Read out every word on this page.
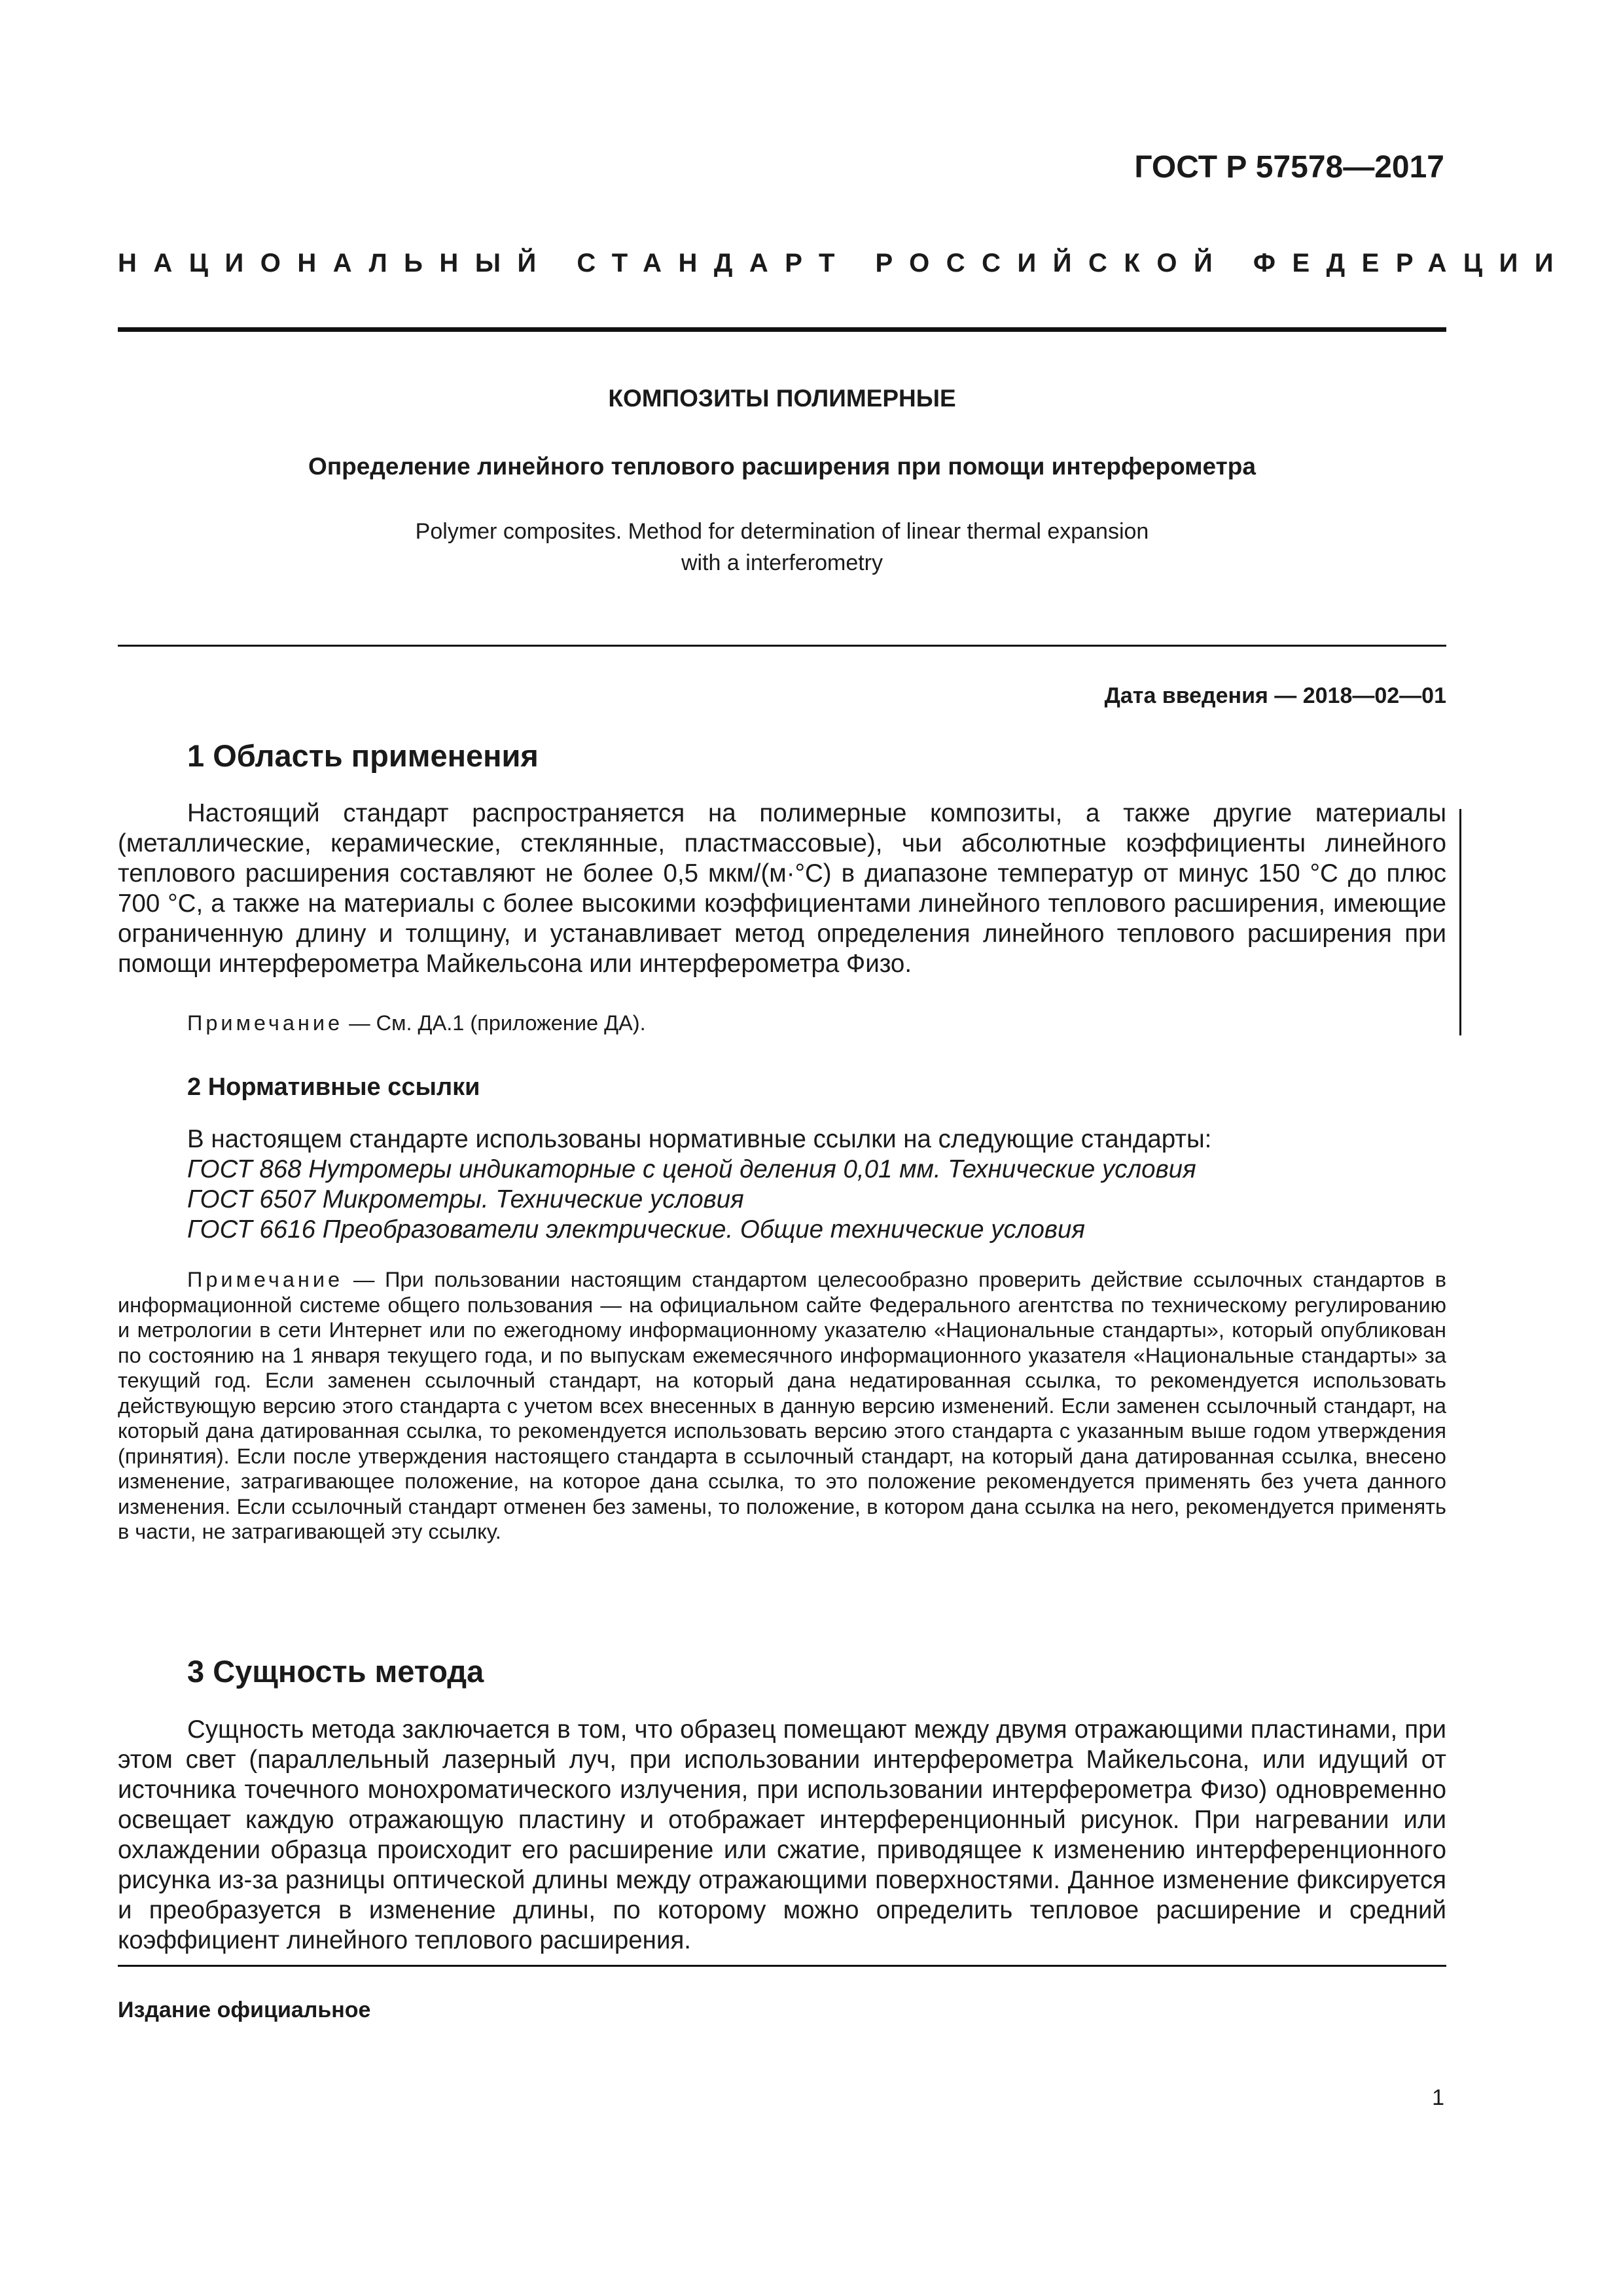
ГОСТ Р 57578—2017

НАЦИОНАЛЬНЫЙ СТАНДАРТ РОССИЙСКОЙ ФЕДЕРАЦИИ

КОМПОЗИТЫ ПОЛИМЕРНЫЕ

Определение линейного теплового расширения при помощи интерферометра

Polymer composites. Method for determination of linear thermal expansion
with a interferometry

Дата введения — 2018—02—01

1 Область применения

Настоящий стандарт распространяется на полимерные композиты, а также другие материалы (металлические, керамические, стеклянные, пластмассовые), чьи абсолютные коэффициенты линейного теплового расширения составляют не более 0,5 мкм/(м·°С) в диапазоне температур от минус 150 °С до плюс 700 °С, а также на материалы с более высокими коэффициентами линейного теплового расширения, имеющие ограниченную длину и толщину, и устанавливает метод определения линейного теплового расширения при помощи интерферометра Майкельсона или интерферометра Физо.

Примечание — См. ДА.1 (приложение ДА).

2 Нормативные ссылки
В настоящем стандарте использованы нормативные ссылки на следующие стандарты:
ГОСТ 868 Нутромеры индикаторные с ценой деления 0,01 мм. Технические условия
ГОСТ 6507 Микрометры. Технические условия
ГОСТ 6616 Преобразователи электрические. Общие технические условия

Примечание — При пользовании настоящим стандартом целесообразно проверить действие ссылочных стандартов в информационной системе общего пользования — на официальном сайте Федерального агентства по техническому регулированию и метрологии в сети Интернет или по ежегодному информационному указателю «Национальные стандарты», который опубликован по состоянию на 1 января текущего года, и по выпускам ежемесячного информационного указателя «Национальные стандарты» за текущий год. Если заменен ссылочный стандарт, на который дана недатированная ссылка, то рекомендуется использовать действующую версию этого стандарта с учетом всех внесенных в данную версию изменений. Если заменен ссылочный стандарт, на который дана датированная ссылка, то рекомендуется использовать версию этого стандарта с указанным выше годом утверждения (принятия). Если после утверждения настоящего стандарта в ссылочный стандарт, на который дана датированная ссылка, внесено изменение, затрагивающее положение, на которое дана ссылка, то это положение рекомендуется применять без учета данного изменения. Если ссылочный стандарт отменен без замены, то положение, в котором дана ссылка на него, рекомендуется применять в части, не затрагивающей эту ссылку.

3 Сущность метода

Сущность метода заключается в том, что образец помещают между двумя отражающими пластинами, при этом свет (параллельный лазерный луч, при использовании интерферометра Майкельсона, или идущий от источника точечного монохроматического излучения, при использовании интерферометра Физо) одновременно освещает каждую отражающую пластину и отображает интерференционный рисунок. При нагревании или охлаждении образца происходит его расширение или сжатие, приводящее к изменению интерференционного рисунка из-за разницы оптической длины между отражающими поверхностями. Данное изменение фиксируется и преобразуется в изменение длины, по которому можно определить тепловое расширение и средний коэффициент линейного теплового расширения.

Издание официальное

1
